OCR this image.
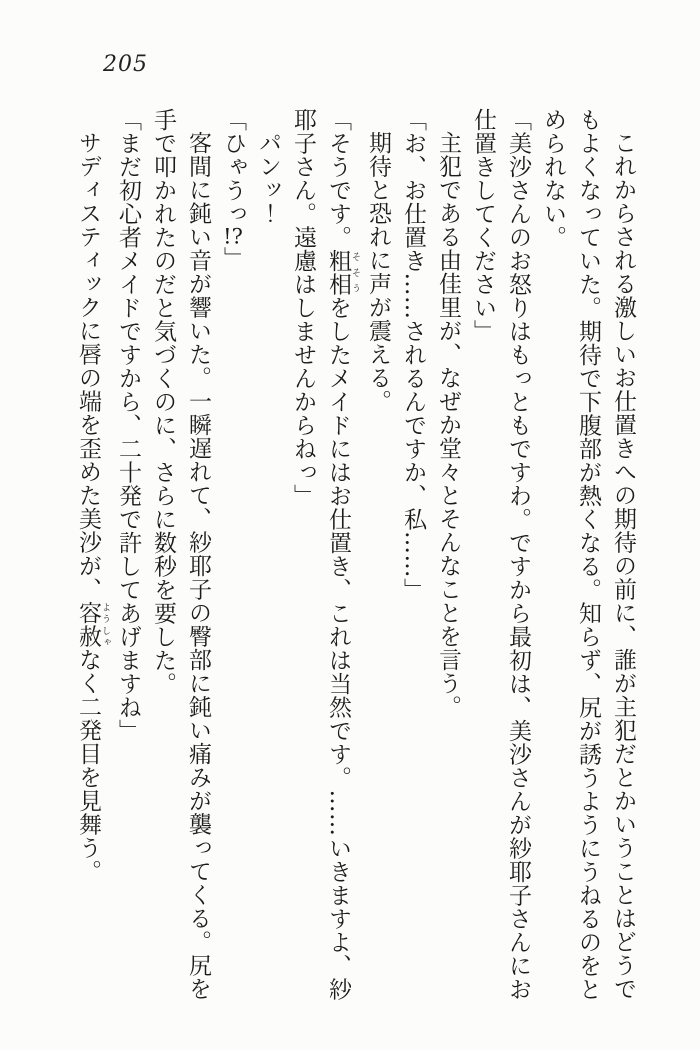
205
これからされる激しいお仕置きへの期待の前に、誰が主犯だとかいうことはどうで
もよくなっていた。期待で下腹部が熱くなる。知らず、尻が誘うようにうねるのをと
められない。
「美沙さんのお怒りはもっともですわ。ですから最初は、美沙さんが紗耶子さんにお
仕置きしてください」
主犯である由佳里が、なぜか堂々とそんなことを言う。
「お、お仕置き……されるんですか、私……」
期待と恐れに声が震える。
「そうです。粗相 そそうをしたメイドにはお仕置き、これは当然です。……いきますよ、紗
耶子さん。遠慮はしませんからねっ」
パンッ！
「ひゃうっ!?」
客間に鈍い音が響いた。一瞬遅れて、紗耶子の臀部に鈍い痛みが襲ってくる。尻を
手で叩かれたのだと気づくのに、さらに数秒を要した。
「まだ初心者メイドですから、二十発で許してあげますね」
サディスティックに唇の端を歪めた美沙が、容赦 ようしゃなく二発目を見舞う。
